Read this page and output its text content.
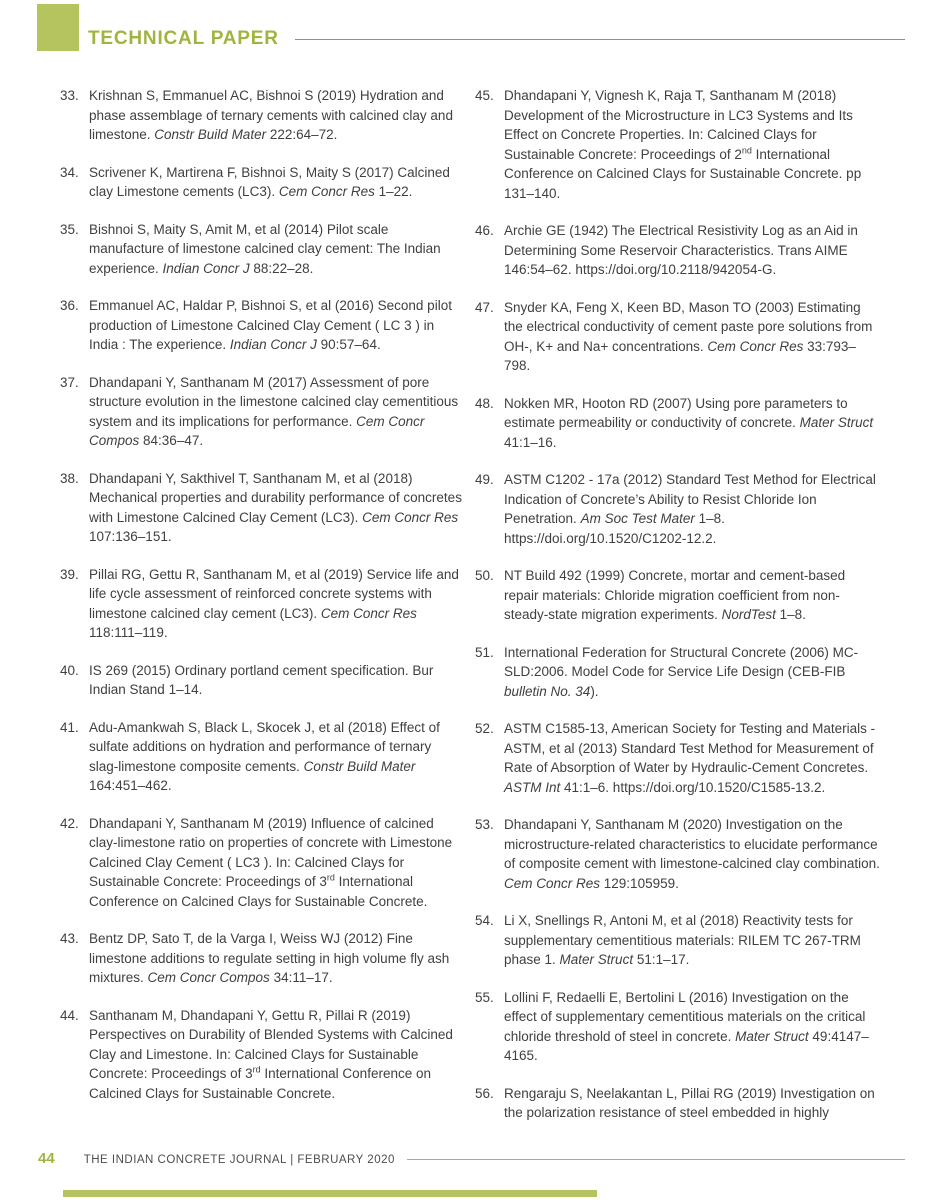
TECHNICAL PAPER
33. Krishnan S, Emmanuel AC, Bishnoi S (2019) Hydration and phase assemblage of ternary cements with calcined clay and limestone. Constr Build Mater 222:64–72.
34. Scrivener K, Martirena F, Bishnoi S, Maity S (2017) Calcined clay Limestone cements (LC3). Cem Concr Res 1–22.
35. Bishnoi S, Maity S, Amit M, et al (2014) Pilot scale manufacture of limestone calcined clay cement: The Indian experience. Indian Concr J 88:22–28.
36. Emmanuel AC, Haldar P, Bishnoi S, et al (2016) Second pilot production of Limestone Calcined Clay Cement ( LC 3 ) in India : The experience. Indian Concr J 90:57–64.
37. Dhandapani Y, Santhanam M (2017) Assessment of pore structure evolution in the limestone calcined clay cementitious system and its implications for performance. Cem Concr Compos 84:36–47.
38. Dhandapani Y, Sakthivel T, Santhanam M, et al (2018) Mechanical properties and durability performance of concretes with Limestone Calcined Clay Cement (LC3). Cem Concr Res 107:136–151.
39. Pillai RG, Gettu R, Santhanam M, et al (2019) Service life and life cycle assessment of reinforced concrete systems with limestone calcined clay cement (LC3). Cem Concr Res 118:111–119.
40. IS 269 (2015) Ordinary portland cement specification. Bur Indian Stand 1–14.
41. Adu-Amankwah S, Black L, Skocek J, et al (2018) Effect of sulfate additions on hydration and performance of ternary slag-limestone composite cements. Constr Build Mater 164:451–462.
42. Dhandapani Y, Santhanam M (2019) Influence of calcined clay-limestone ratio on properties of concrete with Limestone Calcined Clay Cement ( LC3 ). In: Calcined Clays for Sustainable Concrete: Proceedings of 3rd International Conference on Calcined Clays for Sustainable Concrete.
43. Bentz DP, Sato T, de la Varga I, Weiss WJ (2012) Fine limestone additions to regulate setting in high volume fly ash mixtures. Cem Concr Compos 34:11–17.
44. Santhanam M, Dhandapani Y, Gettu R, Pillai R (2019) Perspectives on Durability of Blended Systems with Calcined Clay and Limestone. In: Calcined Clays for Sustainable Concrete: Proceedings of 3rd International Conference on Calcined Clays for Sustainable Concrete.
45. Dhandapani Y, Vignesh K, Raja T, Santhanam M (2018) Development of the Microstructure in LC3 Systems and Its Effect on Concrete Properties. In: Calcined Clays for Sustainable Concrete: Proceedings of 2nd International Conference on Calcined Clays for Sustainable Concrete. pp 131–140.
46. Archie GE (1942) The Electrical Resistivity Log as an Aid in Determining Some Reservoir Characteristics. Trans AIME 146:54–62. https://doi.org/10.2118/942054-G.
47. Snyder KA, Feng X, Keen BD, Mason TO (2003) Estimating the electrical conductivity of cement paste pore solutions from OH-, K+ and Na+ concentrations. Cem Concr Res 33:793–798.
48. Nokken MR, Hooton RD (2007) Using pore parameters to estimate permeability or conductivity of concrete. Mater Struct 41:1–16.
49. ASTM C1202 - 17a (2012) Standard Test Method for Electrical Indication of Concrete’s Ability to Resist Chloride Ion Penetration. Am Soc Test Mater 1–8. https://doi.org/10.1520/C1202-12.2.
50. NT Build 492 (1999) Concrete, mortar and cement-based repair materials: Chloride migration coefficient from non-steady-state migration experiments. NordTest 1–8.
51. International Federation for Structural Concrete (2006) MC-SLD:2006. Model Code for Service Life Design (CEB-FIB bulletin No. 34).
52. ASTM C1585-13, American Society for Testing and Materials - ASTM, et al (2013) Standard Test Method for Measurement of Rate of Absorption of Water by Hydraulic-Cement Concretes. ASTM Int 41:1–6. https://doi.org/10.1520/C1585-13.2.
53. Dhandapani Y, Santhanam M (2020) Investigation on the microstructure-related characteristics to elucidate performance of composite cement with limestone-calcined clay combination. Cem Concr Res 129:105959.
54. Li X, Snellings R, Antoni M, et al (2018) Reactivity tests for supplementary cementitious materials: RILEM TC 267-TRM phase 1. Mater Struct 51:1–17.
55. Lollini F, Redaelli E, Bertolini L (2016) Investigation on the effect of supplementary cementitious materials on the critical chloride threshold of steel in concrete. Mater Struct 49:4147–4165.
56. Rengaraju S, Neelakantan L, Pillai RG (2019) Investigation on the polarization resistance of steel embedded in highly
44	THE INDIAN CONCRETE JOURNAL | FEBRUARY 2020
